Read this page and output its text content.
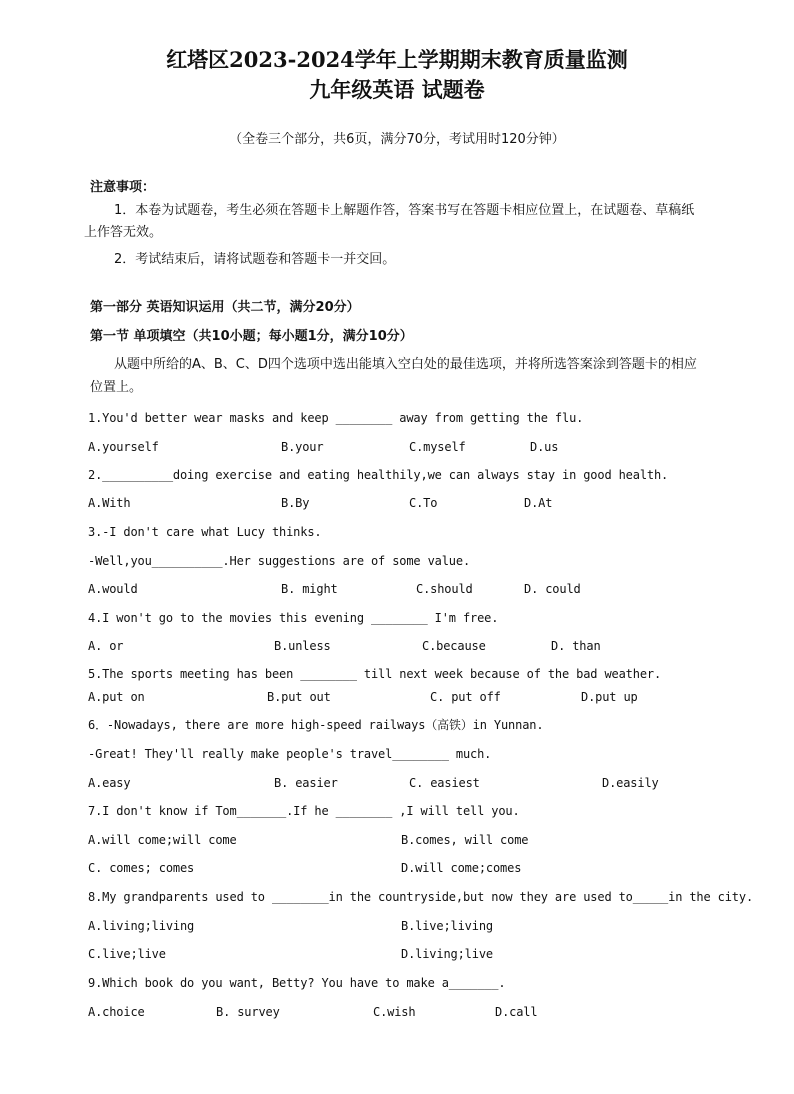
红塔区2023-2024学年上学期期末教育质量监测
九年级英语 试题卷
（全卷三个部分，共6页，满分70分，考试用时120分钟）
注意事项：
1．本卷为试题卷，考生必须在答题卡上解题作答，答案书写在答题卡相应位置上，在试题卷、草稿纸
上作答无效。
2．考试结束后，请将试题卷和答题卡一并交回。
第一部分 英语知识运用（共二节，满分20分）
第一节 单项填空（共10小题；每小题1分，满分10分）
从题中所给的A、B、C、D四个选项中选出能填入空白处的最佳选项，并将所选答案涂到答题卡的相应
位置上。
1.You'd better wear masks and keep ________ away from getting the flu.
A.yourself	B.your	C.myself	D.us
2.__________doing exercise and eating healthily,we can always stay in good health.
A.With	B.By	C.To	D.At
3.-I don't care what Lucy thinks.
-Well,you__________.Her suggestions are of some value.
A.would	B. might	C.should	D. could
4.I won't go to the movies this evening ________ I'm free.
A. or	B.unless	C.because	D. than
5.The sports meeting has been ________ till next week because of the bad weather.
A.put on	B.put out	C. put off	D.put up
6．-Nowadays, there are more high-speed railways（高铁）in Yunnan.
-Great! They'll really make people's travel________ much.
A.easy	B. easier	C. easiest	D.easily
7.I don't know if Tom_______.If he ________ ,I will tell you.
A.will come;will come	B.comes, will come
C. comes; comes	D.will come;comes
8.My grandparents used to ________in the countryside,but now they are used to_____in the city.
A.living;living	B.live;living
C.live;live	D.living;live
9.Which book do you want, Betty? You have to make a_______.
A.choice	B. survey	C.wish	D.call
